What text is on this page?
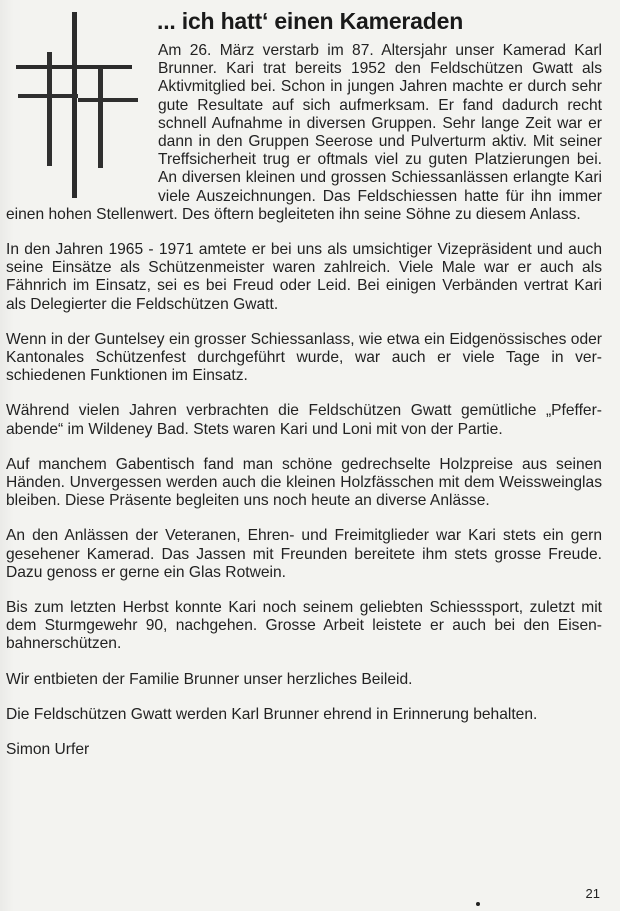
... ich hatt‘ einen Kameraden

Am 26. März verstarb im 87. Altersjahr unser Kamerad Karl Brunner. Kari trat bereits 1952 den Feldschützen Gwatt als Aktivmitglied bei. Schon in jungen Jahren machte er durch sehr gute Resultate auf sich aufmerksam. Er fand dadurch recht schnell Aufnahme in diversen Gruppen. Sehr lange Zeit war er dann in den Gruppen Seerose und Pulverturm aktiv. Mit seiner Treffsicherheit trug er oftmals viel zu guten Platzierungen bei. An diversen kleinen und grossen Schiessanlässen erlangte Kari viele Auszeichnungen. Das Feldschiessen hatte für ihn immer einen hohen Stellenwert. Des öftern begleiteten ihn seine Söhne zu diesem Anlass.

In den Jahren 1965 - 1971 amtete er bei uns als umsichtiger Vizepräsident und auch seine Einsätze als Schützenmeister waren zahlreich. Viele Male war er auch als Fähnrich im Einsatz, sei es bei Freud oder Leid. Bei einigen Verbänden vertrat Kari als Delegierter die Feldschützen Gwatt.

Wenn in der Guntelsey ein grosser Schiessanlass, wie etwa ein Eidgenössisches oder Kantonales Schützenfest durchgeführt wurde, war auch er viele Tage in verschiedenen Funktionen im Einsatz.

Während vielen Jahren verbrachten die Feldschützen Gwatt gemütliche „Pfefferabende“ im Wildeney Bad. Stets waren Kari und Loni mit von der Partie.

Auf manchem Gabentisch fand man schöne gedrechselte Holzpreise aus seinen Händen. Unvergessen werden auch die kleinen Holzfässchen mit dem Weissweinglas bleiben. Diese Präsente begleiten uns noch heute an diverse Anlässe.

An den Anlässen der Veteranen, Ehren- und Freimitglieder war Kari stets ein gern gesehener Kamerad. Das Jassen mit Freunden bereitete ihm stets grosse Freude. Dazu genoss er gerne ein Glas Rotwein.

Bis zum letzten Herbst konnte Kari noch seinem geliebten Schiesssport, zuletzt mit dem Sturmgewehr 90, nachgehen. Grosse Arbeit leistete er auch bei den Eisenbahnerschützen.

Wir entbieten der Familie Brunner unser herzliches Beileid.

Die Feldschützen Gwatt werden Karl Brunner ehrend in Erinnerung behalten.

Simon Urfer

21
